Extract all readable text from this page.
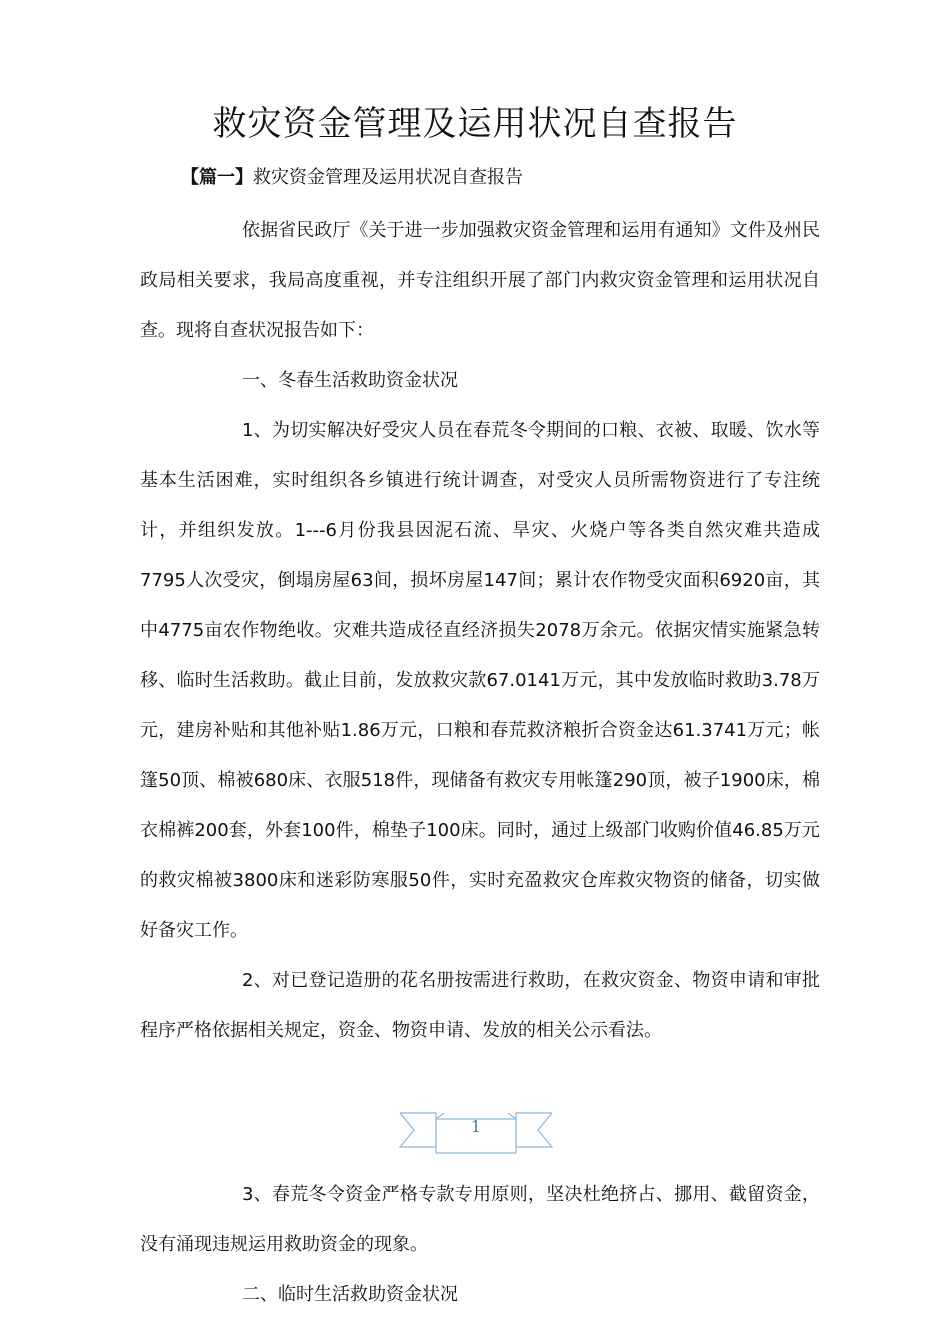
救灾资金管理及运用状况自查报告
【篇一】救灾资金管理及运用状况自查报告

依据省民政厅《关于进一步加强救灾资金管理和运用有通知》文件及州民政局相关要求，我局高度重视，并专注组织开展了部门内救灾资金管理和运用状况自查。现将自查状况报告如下：

一、冬春生活救助资金状况

1、为切实解决好受灾人员在春荒冬令期间的口粮、衣被、取暖、饮水等基本生活困难，实时组织各乡镇进行统计调查，对受灾人员所需物资进行了专注统计，并组织发放。1---6月份我县因泥石流、旱灾、火烧户等各类自然灾难共造成7795人次受灾，倒塌房屋63间，损坏房屋147间；累计农作物受灾面积6920亩，其中4775亩农作物绝收。灾难共造成径直经济损失2078万余元。依据灾情实施紧急转移、临时生活救助。截止目前，发放救灾款67.0141万元，其中发放临时救助3.78万元，建房补贴和其他补贴1.86万元，口粮和春荒救济粮折合资金达61.3741万元；帐篷50顶、棉被680床、衣服518件，现储备有救灾专用帐篷290顶，被子1900床，棉衣棉裤200套，外套100件，棉垫子100床。同时，通过上级部门收购价值46.85万元的救灾棉被3800床和迷彩防寒服50件，实时充盈救灾仓库救灾物资的储备，切实做好备灾工作。

2、对已登记造册的花名册按需进行救助，在救灾资金、物资申请和审批程序严格依据相关规定，资金、物资申请、发放的相关公示看法。

1

3、春荒冬令资金严格专款专用原则，坚决杜绝挤占、挪用、截留资金，没有涌现违规运用救助资金的现象。

二、临时生活救助资金状况
